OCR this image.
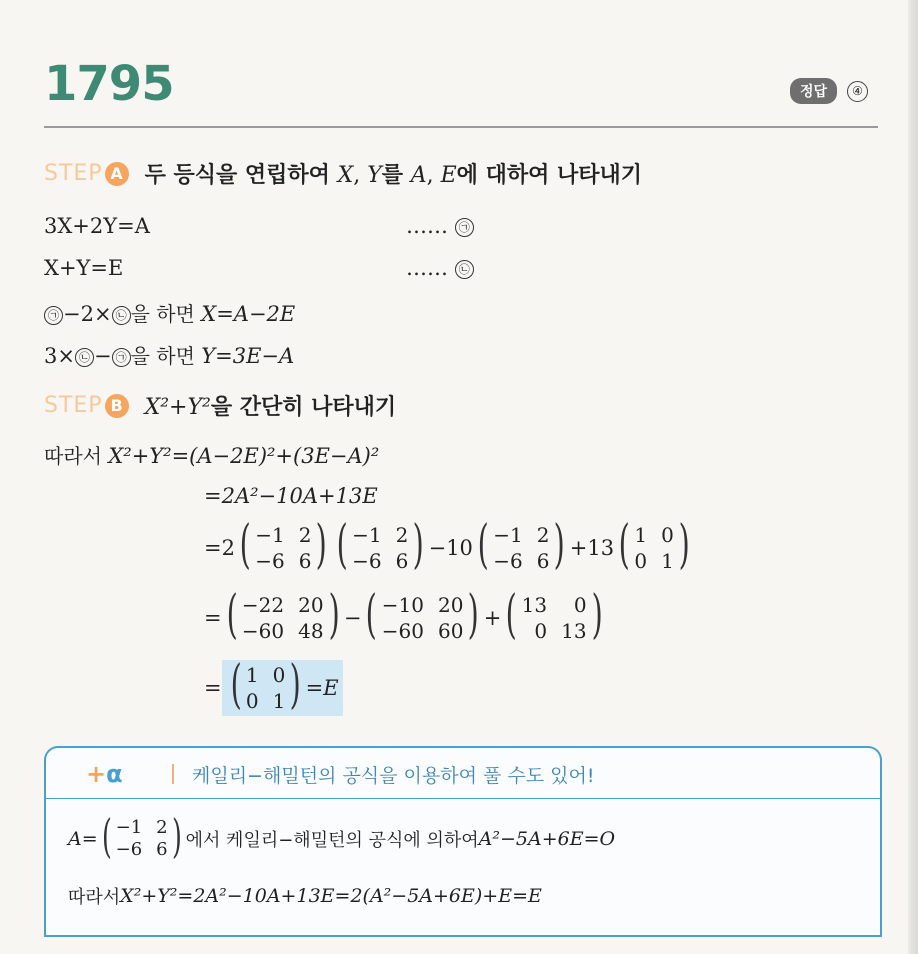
1795	정답	④
STEP A 두 등식을 연립하여 X, Y를 A, E에 대하여 나타내기
3X+2Y=A	…… ㉠
X+Y=E	…… ㉡
㉠ −2× ㉡ 을 하면 X=A−2E
3× ㉡ − ㉠ 을 하면 Y=3E−A
STEP B X²+Y²을 간단히 나타내기
따라서 X²+Y²=(A−2E)²+(3E−A)²
=2A²−10A+13E
=2 ( −1 2
−6 6 ) ( −1 2
−6 6 ) −10 ( −1 2
−6 6 ) +13 ( 1 0
0 1 )
= ( −22 20
−60 48 ) − ( −10 20
−60 60 ) + ( 13	0
0 13 )
= ( 1 0
0 1 ) =E
+α	케일리−해밀턴의 공식을 이용하여 풀 수도 있어!
A= ( −1 2
−6 6 ) 에서 케일리−해밀턴의 공식에 의하여 A²−5A+6E=O
따라서 X²+Y²=2A²−10A+13E=2(A²−5A+6E)+E=E
